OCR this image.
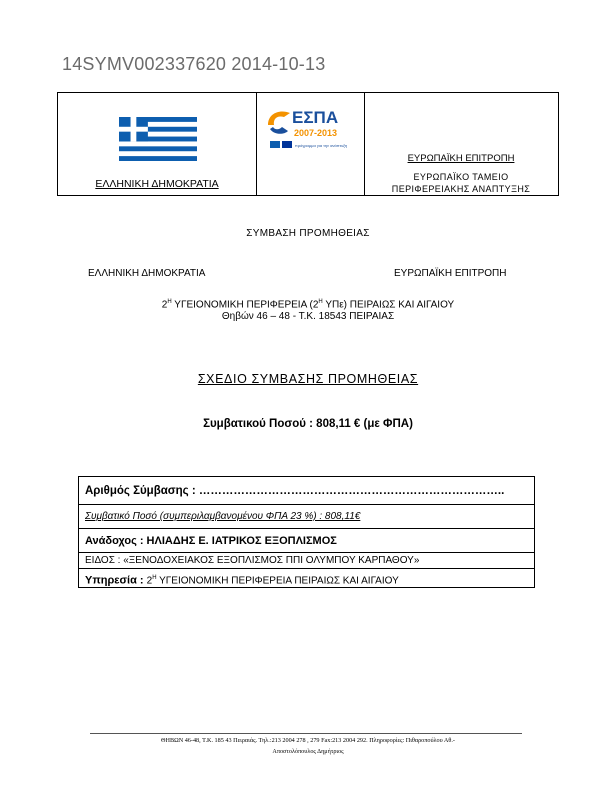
14SYMV002337620 2014-10-13
ΕΛΛΗΝΙΚΗ ΔΗΜΟΚΡΑΤΙΑ
ΕΣΠΑ
2007-2013
πρόγραμμα για την ανάπτυξη
ΕΥΡΩΠΑΪΚΗ ΕΠΙΤΡΟΠΗ
ΕΥΡΩΠΑΪΚΟ ΤΑΜΕΙΟ
ΠΕΡΙΦΕΡΕΙΑΚΗΣ ΑΝΑΠΤΥΞΗΣ
ΣΥΜΒΑΣΗ ΠΡΟΜΗΘΕΙΑΣ
ΕΛΛΗΝΙΚΗ ΔΗΜΟΚΡΑΤΙΑ	ΕΥΡΩΠΑΪΚΗ ΕΠΙΤΡΟΠΗ
$2^H$ ΥΓΕΙΟΝΟΜΙΚΗ ΠΕΡΙΦΕΡΕΙΑ ($2^H$ ΥΠε) ΠΕΙΡΑΙΩΣ ΚΑΙ ΑΙΓΑΙΟΥ
Θηβών 46 – 48 - Τ.Κ. 18543 ΠΕΙΡΑΙΑΣ
ΣΧΕΔΙΟ ΣΥΜΒΑΣΗΣ ΠΡΟΜΗΘΕΙΑΣ
Συμβατικού Ποσού : 808,11 € (με ΦΠΑ)
Αριθμός Σύμβασης : ……………………………………………………………………..
Συμβατικό Ποσό (συμπεριλαμβανομένου ΦΠΑ 23 %) : 808,11€
Ανάδοχος : ΗΛΙΑΔΗΣ Ε. ΙΑΤΡΙΚΟΣ ΕΞΟΠΛΙΣΜΟΣ
ΕΙΔΟΣ : «ΞΕΝΟΔΟΧΕΙΑΚΟΣ ΕΞΟΠΛΙΣΜΟΣ ΠΠΙ ΟΛΥΜΠΟΥ ΚΑΡΠΑΘΟΥ»
Υπηρεσία : $2^H$ ΥΓΕΙΟΝΟΜΙΚΗ ΠΕΡΙΦΕΡΕΙΑ ΠΕΙΡΑΙΩΣ ΚΑΙ ΑΙΓΑΙΟΥ
ΘΗΒΩΝ 46-48, Τ.Κ. 185 43 Πειραιάς. Τηλ.:213 2004 278 , 279 Fax:213 2004 292. Πληροφορίες: Πιθαροπούλου Αθ.-
Αποστολόπουλος Δημήτριος
